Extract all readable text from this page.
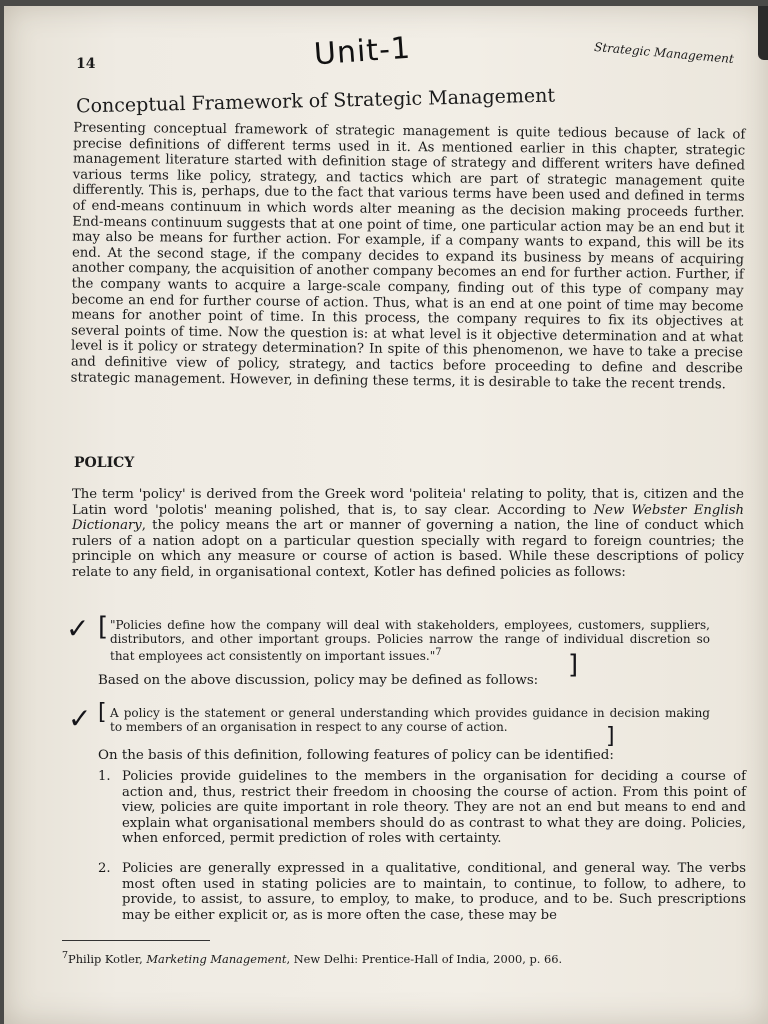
14	Unit-1	Strategic Management
Conceptual Framework of Strategic Management
Presenting conceptual framework of strategic management is quite tedious because of lack of precise definitions of different terms used in it. As mentioned earlier in this chapter, strategic management literature started with definition stage of strategy and different writers have defined various terms like policy, strategy, and tactics which are part of strategic management quite differently. This is, perhaps, due to the fact that various terms have been used and defined in terms of end-means continuum in which words alter meaning as the decision making proceeds further. End-means continuum suggests that at one point of time, one particular action may be an end but it may also be means for further action. For example, if a company wants to expand, this will be its end. At the second stage, if the company decides to expand its business by means of acquiring another company, the acquisition of another company becomes an end for further action. Further, if the company wants to acquire a large-scale company, finding out of this type of company may become an end for further course of action. Thus, what is an end at one point of time may become means for another point of time. In this process, the company requires to fix its objectives at several points of time. Now the question is: at what level is it objective determination and at what level is it policy or strategy determination? In spite of this phenomenon, we have to take a precise and definitive view of policy, strategy, and tactics before proceeding to define and describe strategic management. However, in defining these terms, it is desirable to take the recent trends.
POLICY
The term 'policy' is derived from the Greek word 'politeia' relating to polity, that is, citizen and the Latin word 'polotis' meaning polished, that is, to say clear. According to New Webster English Dictionary, the policy means the art or manner of governing a nation, the line of conduct which rulers of a nation adopt on a particular question specially with regard to foreign countries; the principle on which any measure or course of action is based. While these descriptions of policy relate to any field, in organisational context, Kotler has defined policies as follows:
✓ [ "Policies define how the company will deal with stakeholders, employees, customers, suppliers, distributors, and other important groups. Policies narrow the range of individual discretion so that employees act consistently on important issues."$^7$	]
Based on the above discussion, policy may be defined as follows:
✓ [ A policy is the statement or general understanding which provides guidance in decision making to members of an organisation in respect to any course of action.	]
On the basis of this definition, following features of policy can be identified:
1. Policies provide guidelines to the members in the organisation for deciding a course of action and, thus, restrict their freedom in choosing the course of action. From this point of view, policies are quite important in role theory. They are not an end but means to end and explain what organisational members should do as contrast to what they are doing. Policies, when enforced, permit prediction of roles with certainty.
2. Policies are generally expressed in a qualitative, conditional, and general way. The verbs most often used in stating policies are to maintain, to continue, to follow, to adhere, to provide, to assist, to assure, to employ, to make, to produce, and to be. Such prescriptions may be either explicit or, as is more often the case, these may be
$^7$Philip Kotler, Marketing Management, New Delhi: Prentice-Hall of India, 2000, p. 66.
